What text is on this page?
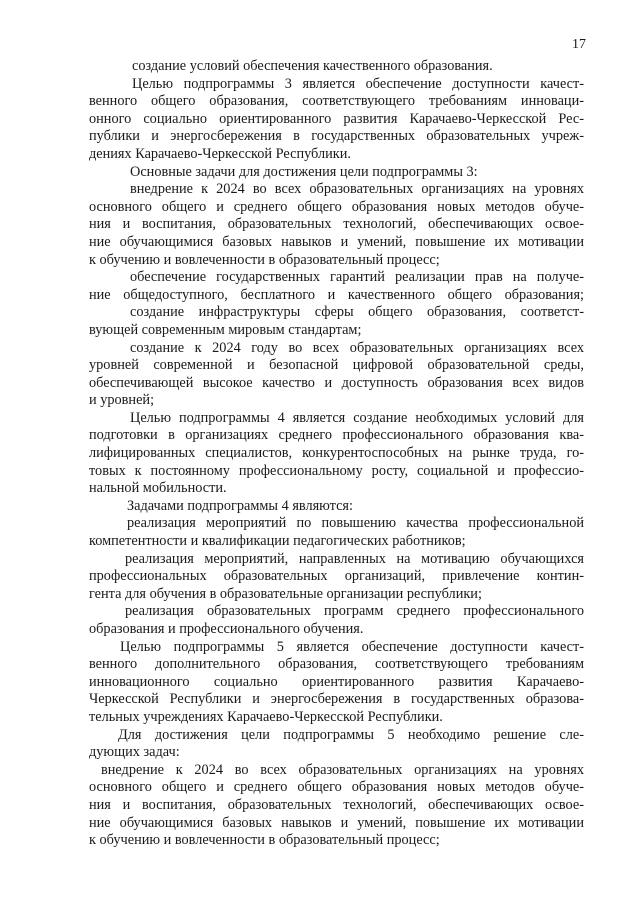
17
создание условий обеспечения качественного образования.
Целью подпрограммы 3 является обеспечение доступности качест-
венного общего образования, соответствующего требованиям инноваци-
онного социально ориентированного развития Карачаево-Черкесской Рес-
публики и энергосбережения в государственных образовательных учреж-
дениях Карачаево-Черкесской Республики.
Основные задачи для достижения цели подпрограммы 3:
внедрение к 2024 во всех образовательных организациях на уровнях
основного общего и среднего общего образования новых методов обуче-
ния и воспитания, образовательных технологий, обеспечивающих освое-
ние обучающимися базовых навыков и умений, повышение их мотивации
к обучению и вовлеченности в образовательный процесс;
обеспечение государственных гарантий реализации прав на получе-
ние общедоступного, бесплатного и качественного общего образования;
создание инфраструктуры сферы общего образования, соответст-
вующей современным мировым стандартам;
создание к 2024 году во всех образовательных организациях всех
уровней современной и безопасной цифровой образовательной среды,
обеспечивающей высокое качество и доступность образования всех видов
и уровней;
Целью подпрограммы 4 является создание необходимых условий для
подготовки в организациях среднего профессионального образования ква-
лифицированных специалистов, конкурентоспособных на рынке труда, го-
товых к постоянному профессиональному росту, социальной и профессио-
нальной мобильности.
Задачами подпрограммы 4 являются:
реализация мероприятий по повышению качества профессиональной
компетентности и квалификации педагогических работников;
реализация мероприятий, направленных на мотивацию обучающихся
профессиональных образовательных организаций, привлечение контин-
гента для обучения в образовательные организации республики;
реализация образовательных программ среднего профессионального
образования и профессионального обучения.
Целью подпрограммы 5 является обеспечение доступности качест-
венного дополнительного образования, соответствующего требованиям
инновационного социально ориентированного развития Карачаево-
Черкесской Республики и энергосбережения в государственных образова-
тельных учреждениях Карачаево-Черкесской Республики.
Для достижения цели подпрограммы 5 необходимо решение сле-
дующих задач:
внедрение к 2024 во всех образовательных организациях на уровнях
основного общего и среднего общего образования новых методов обуче-
ния и воспитания, образовательных технологий, обеспечивающих освое-
ние обучающимися базовых навыков и умений, повышение их мотивации
к обучению и вовлеченности в образовательный процесс;
